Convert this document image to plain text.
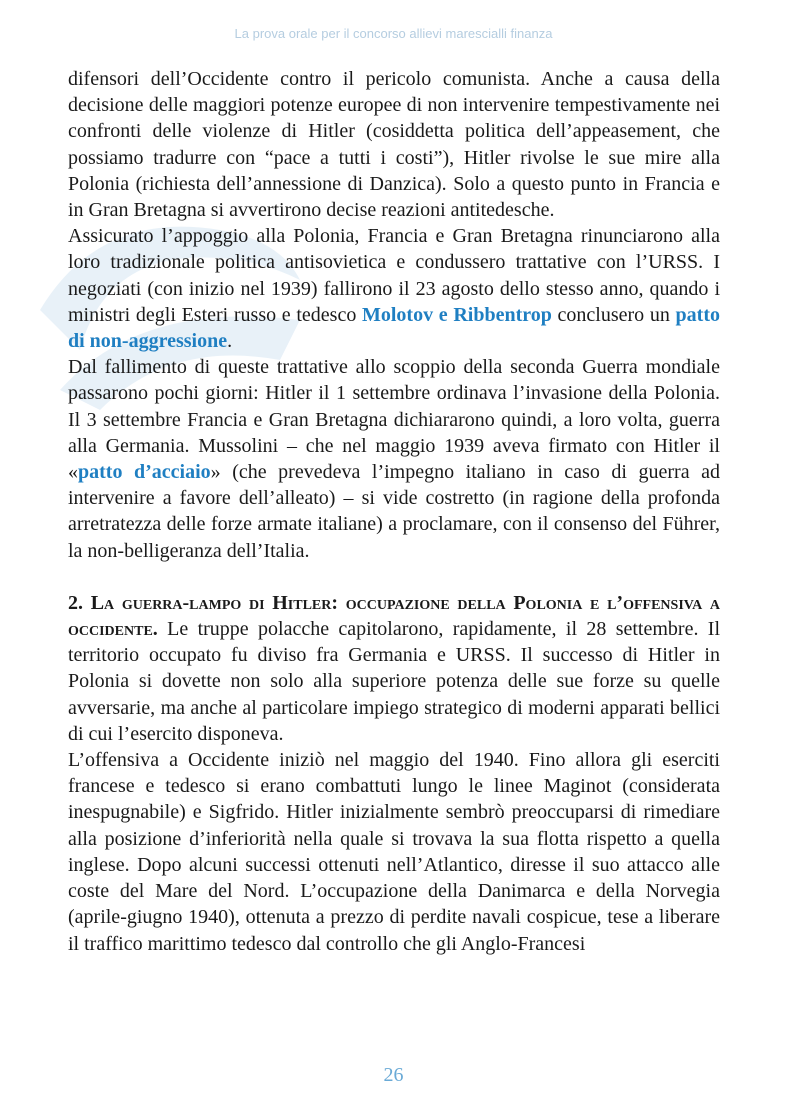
La prova orale per il concorso allievi marescialli finanza

difensori dell’Occidente contro il pericolo comunista. Anche a causa della decisione delle maggiori potenze europee di non intervenire tempestivamente nei confronti delle violenze di Hitler (cosiddetta politica dell’appeasement, che possiamo tradurre con “pace a tutti i costi”), Hitler rivolse le sue mire alla Polonia (richiesta dell’annessione di Danzica). Solo a questo punto in Francia e in Gran Bretagna si avvertirono decise reazioni antitedesche.

Assicurato l’appoggio alla Polonia, Francia e Gran Bretagna rinunciarono alla loro tradizionale politica antisovietica e condussero trattative con l’URSS. I negoziati (con inizio nel 1939) fallirono il 23 agosto dello stesso anno, quando i ministri degli Esteri russo e tedesco Molotov e Ribbentrop conclusero un patto di non-aggressione.

Dal fallimento di queste trattative allo scoppio della seconda Guerra mondiale passarono pochi giorni: Hitler il 1 settembre ordinava l’invasione della Polonia. Il 3 settembre Francia e Gran Bretagna dichiararono quindi, a loro volta, guerra alla Germania. Mussolini – che nel maggio 1939 aveva firmato con Hitler il «patto d’acciaio» (che prevedeva l’impegno italiano in caso di guerra ad intervenire a favore dell’alleato) – si vide costretto (in ragione della profonda arretratezza delle forze armate italiane) a proclamare, con il consenso del Führer, la non-belligeranza dell’Italia.

2. La guerra-lampo di Hitler: occupazione della Polonia e l’offensiva a occidente. Le truppe polacche capitolarono, rapidamente, il 28 settembre. Il territorio occupato fu diviso fra Germania e URSS. Il successo di Hitler in Polonia si dovette non solo alla superiore potenza delle sue forze su quelle avversarie, ma anche al particolare impiego strategico di moderni apparati bellici di cui l’esercito disponeva.

L’offensiva a Occidente iniziò nel maggio del 1940. Fino allora gli eserciti francese e tedesco si erano combattuti lungo le linee Maginot (considerata inespugnabile) e Sigfrido. Hitler inizialmente sembrò preoccuparsi di rimediare alla posizione d’inferiorità nella quale si trovava la sua flotta rispetto a quella inglese. Dopo alcuni successi ottenuti nell’Atlantico, diresse il suo attacco alle coste del Mare del Nord. L’occupazione della Danimarca e della Norvegia (aprile-giugno 1940), ottenuta a prezzo di perdite navali cospicue, tese a liberare il traffico marittimo tedesco dal controllo che gli Anglo-Francesi

26
